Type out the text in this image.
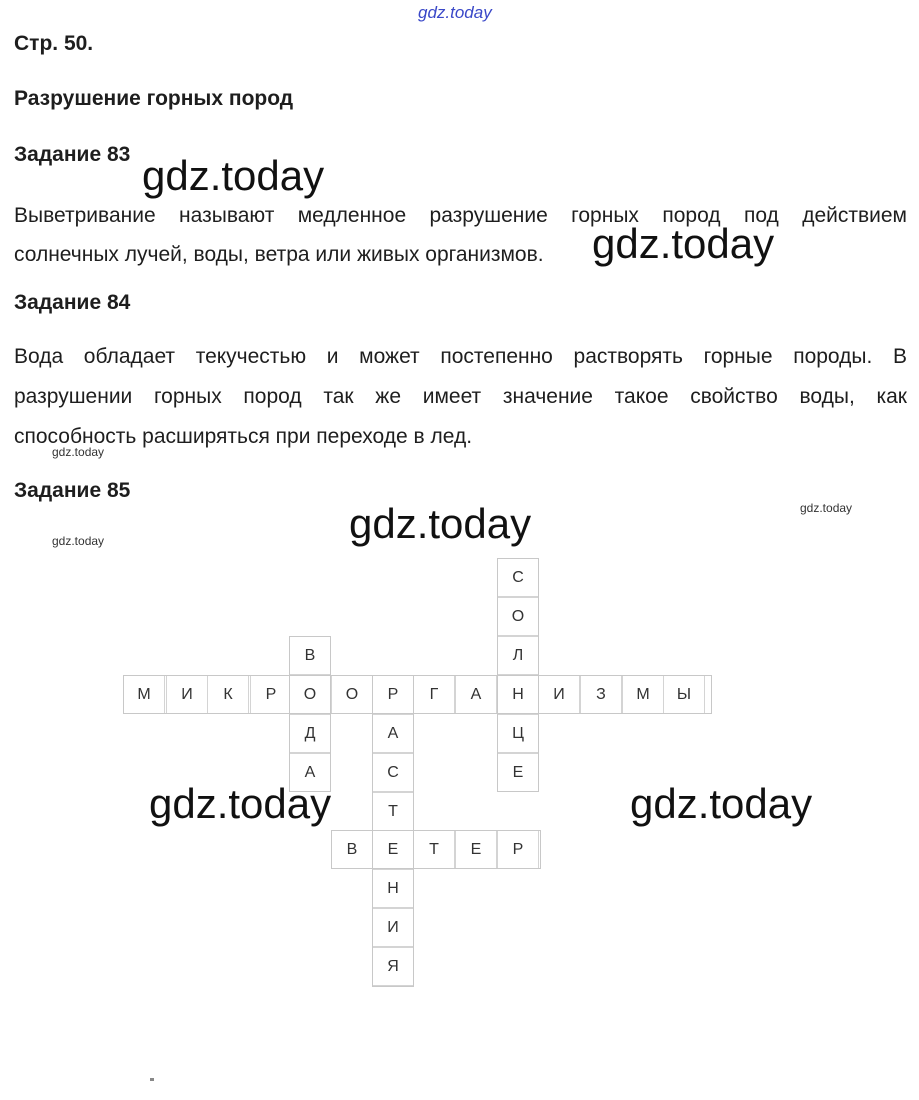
gdz.today
Стр. 50.
Разрушение горных пород
Задание 83
Выветривание называют медленное разрушение горных пород под действием
солнечных лучей, воды, ветра или живых организмов.
Задание 84
Вода обладает текучестью и может постепенно растворять горные породы. В
разрушении горных пород так же имеет значение такое свойство воды, как
способность расширяться при переходе в лед.
Задание 85
М	И	К	Р	О	О	Р	Г	А	Н	И	З	М	Ы
В
Д
А
С
О
Л
Ц
Е
А
С
Т
Н
И
Я
В	Е	Т	Е	Р
gdz.today
gdz.today
gdz.today
gdz.today	gdz.today
gdz.today
gdz.today	gdz.today
